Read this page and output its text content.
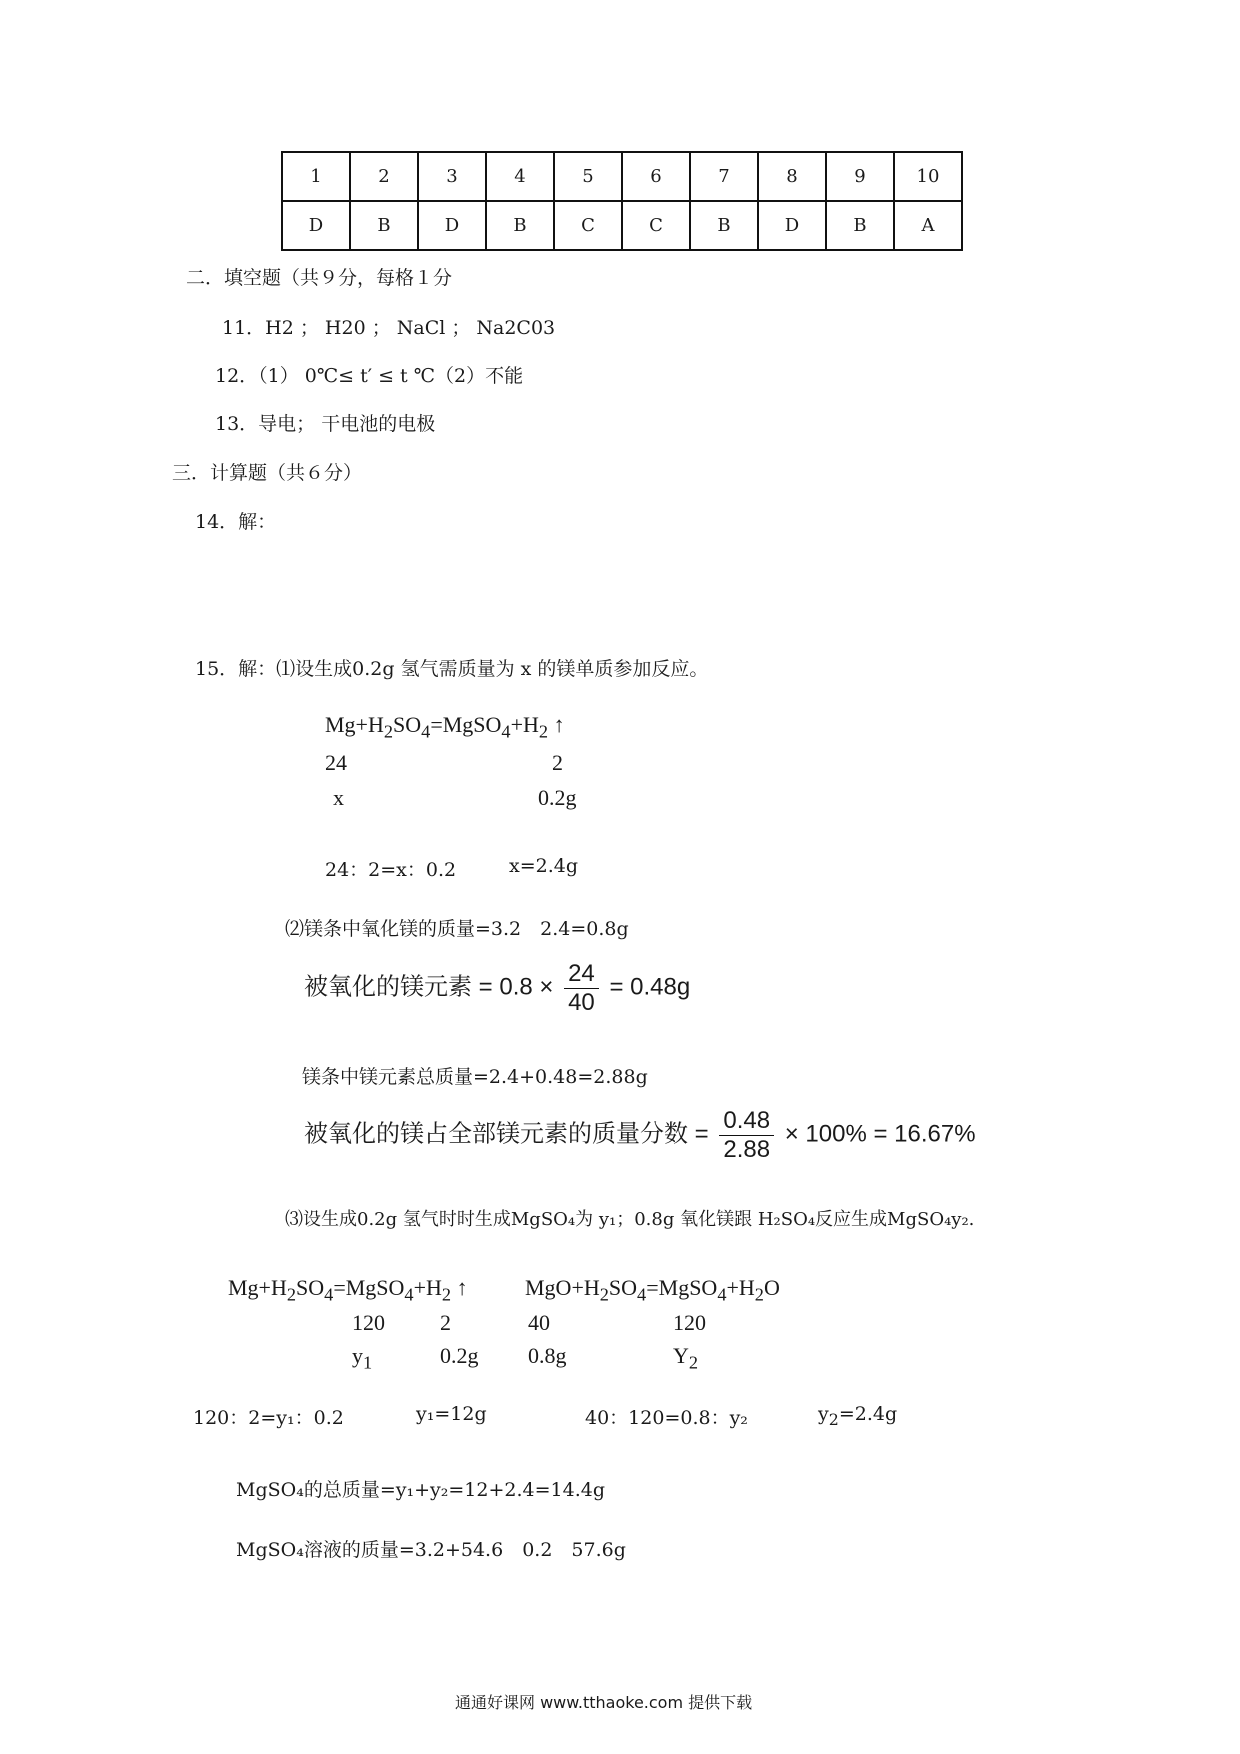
1	2	3	4	5	6	7	8	9	10
D	B	D	B	C	C	B	D	B	A
二．填空题（共９分，每格１分
11．H2 ； H20 ； NaCl ； Na2C03
12．（1） 0℃≤ t′ ≤ t ℃（2）不能
13．导电； 干电池的电极
三．计算题（共６分）
14．解：
15．解：⑴设生成0.2g 氢气需质量为 x 的镁单质参加反应。
$Mg+H_2SO_4=MgSO_4+H_2$ ↑
24	2
x	0.2g
24：2=x：0.2	x=2.4g
⑵镁条中氧化镁的质量=3.2　2.4=0.8g
被氧化的镁元素 = $0.8 \times \frac{24}{40} = 0.48g$
镁条中镁元素总质量=2.4+0.48=2.88g
被氧化的镁占全部镁元素的质量分数 = $\frac{0.48}{2.88} \times 100\% = 16.67\%$
⑶设生成0.2g 氢气时时生成MgSO₄为 y₁；0.8g 氧化镁跟 H₂SO₄反应生成MgSO₄y₂.
$Mg+H_2SO_4=MgSO_4+H_2$ ↑	$MgO+H_2SO_4=MgSO_4+H_2O$
120	2	40	120
$y_1$	0.2g 0.8g	$Y_2$
120：2=y₁：0.2	y₁=12g	40：120=0.8：y₂	$y_2=2.4g$
MgSO₄的总质量=y₁+y₂=12+2.4=14.4g
MgSO₄溶液的质量=3.2+54.6　0.2　57.6g
通通好课网 www.tthaoke.com 提供下载
